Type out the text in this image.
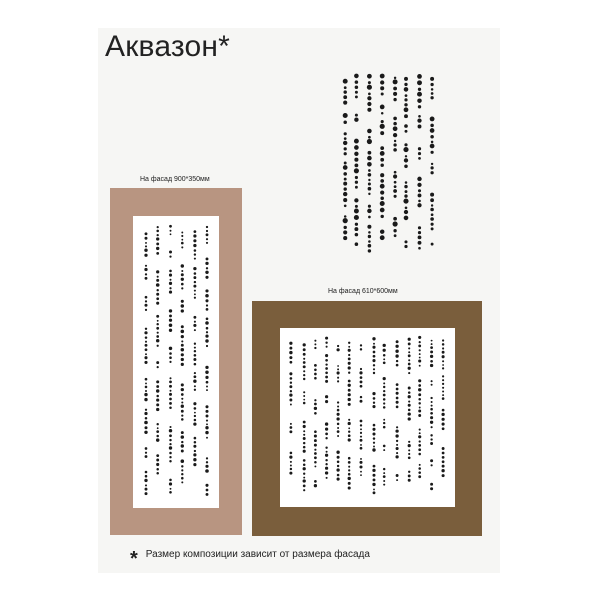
Аквазон*
На фасад 900*350мм
На фасад 610*600мм
* Размер композиции зависит от размера фасада
